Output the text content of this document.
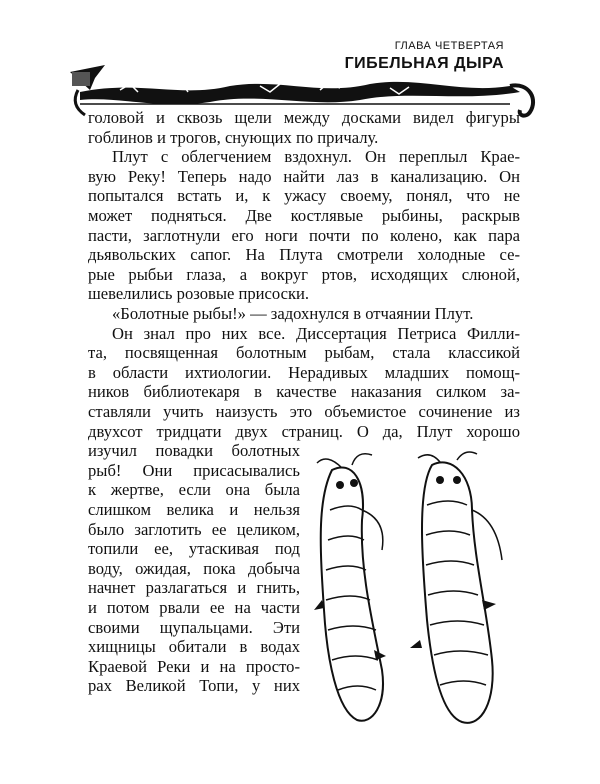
ГЛАВА ЧЕТВЕРТАЯ
ГИБЕЛЬНАЯ ДЫРА
головой и сквозь щели между досками видел фигуры
гоблинов и трогов, снующих по причалу.
Плут с облегчением вздохнул. Он переплыл Крае-
вую Реку! Теперь надо найти лаз в канализацию. Он
попытался встать и, к ужасу своему, понял, что не
может подняться. Две костлявые рыбины, раскрыв
пасти, заглотнули его ноги почти по колено, как пара
дьявольских сапог. На Плута смотрели холодные се-
рые рыбьи глаза, а вокруг ртов, исходящих слюной,
шевелились розовые присоски.
«Болотные рыбы!» — задохнулся в отчаянии Плут.
Он знал про них все. Диссертация Петриса Филли-
та, посвященная болотным рыбам, стала классикой
в области ихтиологии. Нерадивых младших помощ-
ников библиотекаря в качестве наказания силком за-
ставляли учить наизусть это объемистое сочинение из
двухсот тридцати двух страниц. О да, Плут хорошо
изучил повадки болотных
рыб! Они присасывались
к жертве, если она была
слишком велика и нельзя
было заглотить ее целиком,
топили ее, утаскивая под
воду, ожидая, пока добыча
начнет разлагаться и гнить,
и потом рвали ее на части
своими щупальцами. Эти
хищницы обитали в водах
Краевой Реки и на просто-
рах Великой Топи, у них
